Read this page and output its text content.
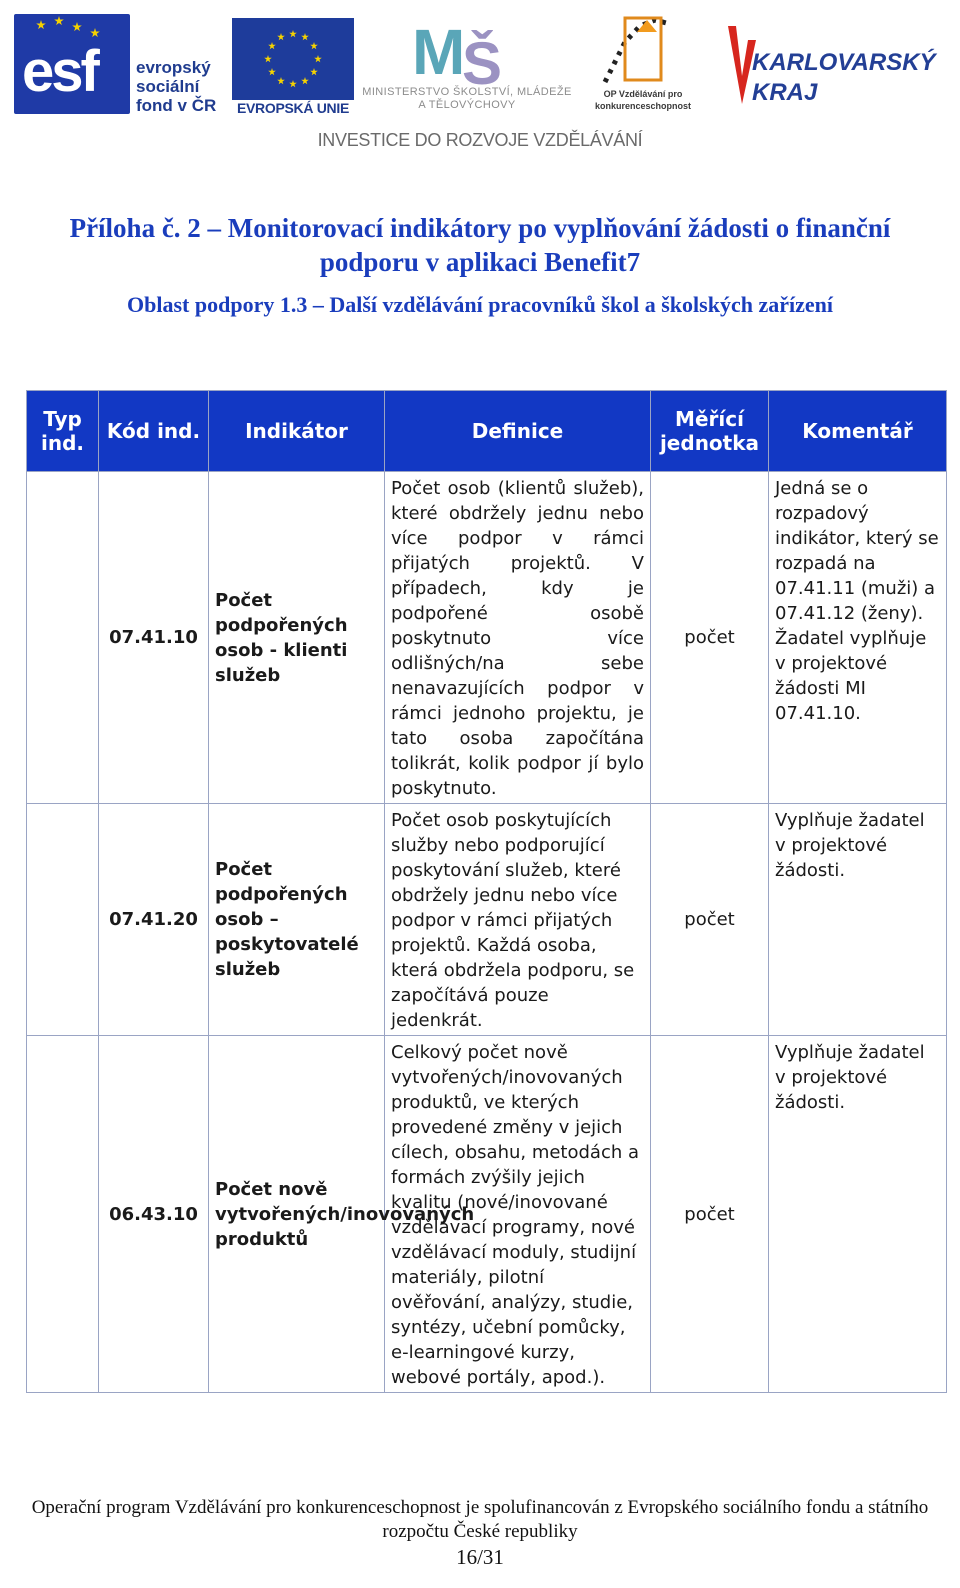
esf evropský sociální fond v ČR	EVROPSKÁ UNIE
M
Š
MINISTERSTVO ŠKOLSTVÍ, MLÁDEŽE A TĚLOVÝCHOVY
OP Vzdělávání pro konkurenceschopnost
KARLOVARSKÝ KRAJ
INVESTICE DO ROZVOJE VZDĚLÁVÁNÍ
Příloha č. 2 – Monitorovací indikátory po vyplňování žádosti o finanční podporu v aplikaci Benefit7
Oblast podpory 1.3 – Další vzdělávání pracovníků škol a školských zařízení
Typ ind.	Kód ind.	Indikátor	Definice	Měřící jednotka	Komentář
	07.41.10	Počet podpořených osob - klienti služeb	Počet osob (klientů služeb), které obdržely jednu nebo více podpor v rámci přijatých projektů. V případech, kdy je podpořené osobě poskytnuto více odlišných/na sebe nenavazujících podpor v rámci jednoho projektu, je tato osoba započítána tolikrát, kolik podpor jí bylo poskytnuto.	počet	Jedná se o rozpadový indikátor, který se rozpadá na 07.41.11 (muži) a 07.41.12 (ženy). Žadatel vyplňuje v projektové žádosti MI 07.41.10.
	07.41.20	Počet podpořených osob – poskytovatelé služeb	Počet osob poskytujících služby nebo podporující poskytování služeb, které obdržely jednu nebo více podpor v rámci přijatých projektů. Každá osoba, která obdržela podporu, se započítává pouze jedenkrát.	počet	Vyplňuje žadatel v projektové žádosti.
	06.43.10	Počet nově vytvořených/inovovaných produktů	Celkový počet nově vytvořených/inovovaných produktů, ve kterých provedené změny v jejich cílech, obsahu, metodách a formách zvýšily jejich kvalitu (nové/inovované vzdělávací programy, nové vzdělávací moduly, studijní materiály, pilotní ověřování, analýzy, studie, syntézy, učební pomůcky, e-learningové kurzy, webové portály, apod.).	počet	Vyplňuje žadatel v projektové žádosti.
Operační program Vzdělávání pro konkurenceschopnost je spolufinancován z Evropského sociálního fondu a státního rozpočtu České republiky
16/31
